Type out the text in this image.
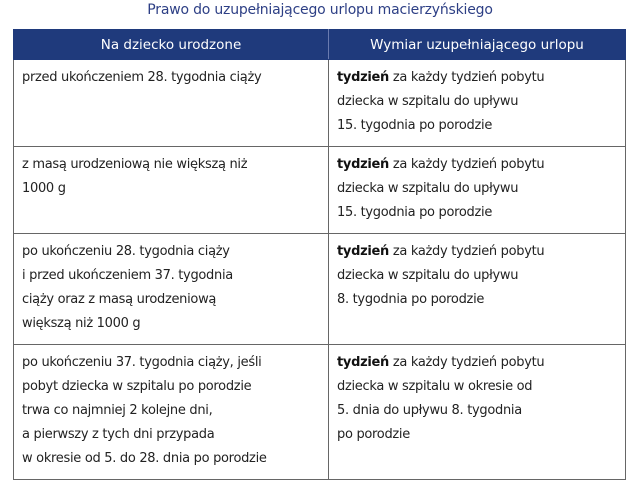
Prawo do uzupełniającego urlopu macierzyńskiego
Na dziecko urodzone	Wymiar uzupełniającego urlopu

przed ukończeniem 28. tygodnia ciąży	tydzień za każdy tydzień pobytu
dziecka w szpitalu do upływu
15. tygodnia po porodzie

z masą urodzeniową nie większą niż
1000 g	tydzień za każdy tydzień pobytu
dziecka w szpitalu do upływu
15. tygodnia po porodzie

po ukończeniu 28. tygodnia ciąży
i przed ukończeniem 37. tygodnia
ciąży oraz z masą urodzeniową
większą niż 1000 g	tydzień za każdy tydzień pobytu
dziecka w szpitalu do upływu
8. tygodnia po porodzie

po ukończeniu 37. tygodnia ciąży, jeśli
pobyt dziecka w szpitalu po porodzie
trwa co najmniej 2 kolejne dni,
a pierwszy z tych dni przypada
w okresie od 5. do 28. dnia po porodzie	tydzień za każdy tydzień pobytu
dziecka w szpitalu w okresie od
5. dnia do upływu 8. tygodnia
po porodzie
